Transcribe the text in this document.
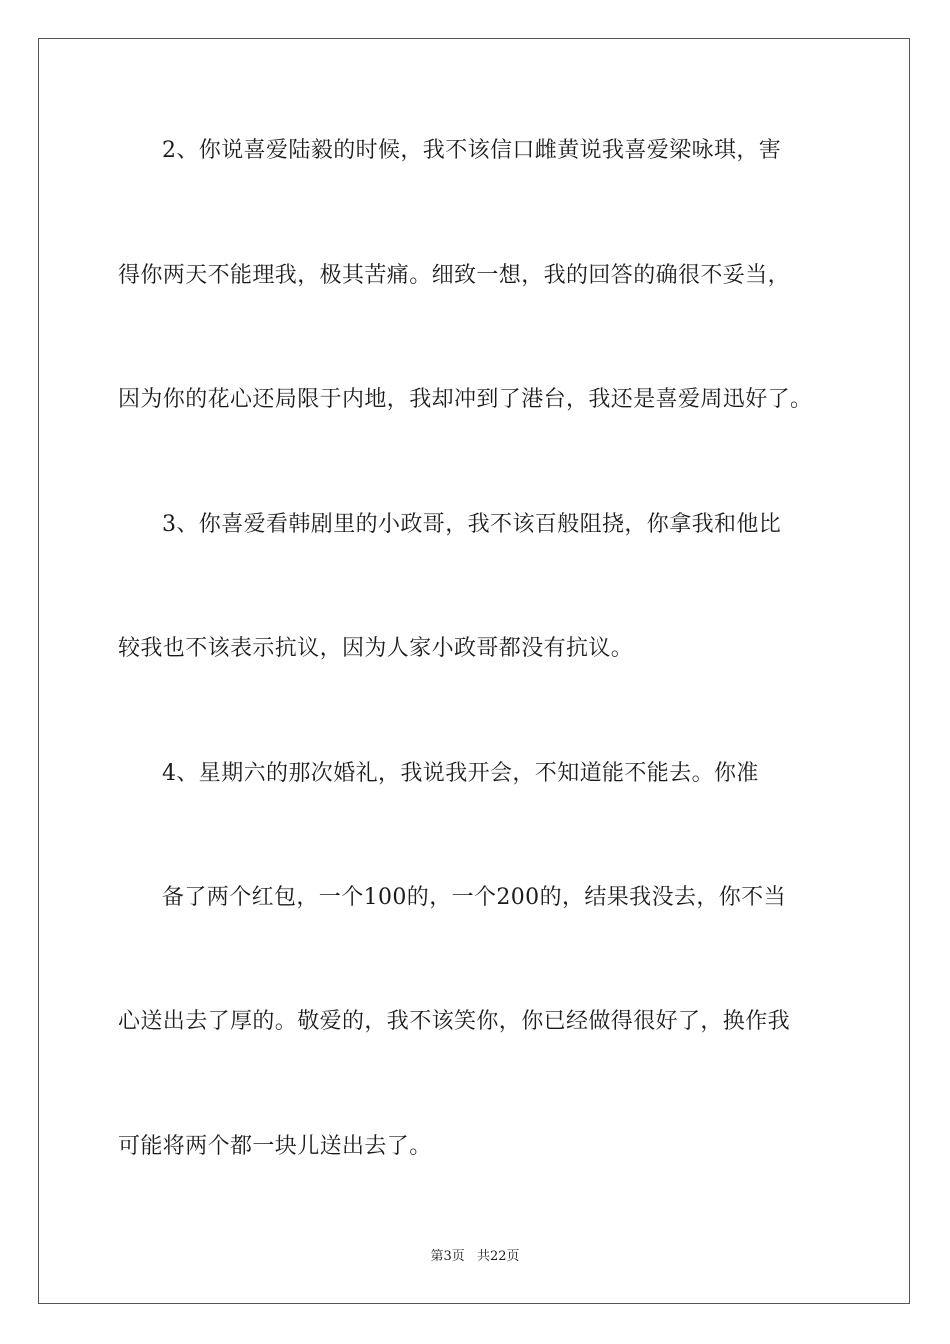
2、你说喜爱陆毅的时候，我不该信口雌黄说我喜爱梁咏琪，害
得你两天不能理我，极其苦痛。细致一想，我的回答的确很不妥当，
因为你的花心还局限于内地，我却冲到了港台，我还是喜爱周迅好了。
3、你喜爱看韩剧里的小政哥，我不该百般阻挠，你拿我和他比
较我也不该表示抗议，因为人家小政哥都没有抗议。
4、星期六的那次婚礼，我说我开会，不知道能不能去。你准
备了两个红包，一个100的，一个200的，结果我没去，你不当
心送出去了厚的。敬爱的，我不该笑你，你已经做得很好了，换作我
可能将两个都一块儿送出去了。
第3页 共22页
